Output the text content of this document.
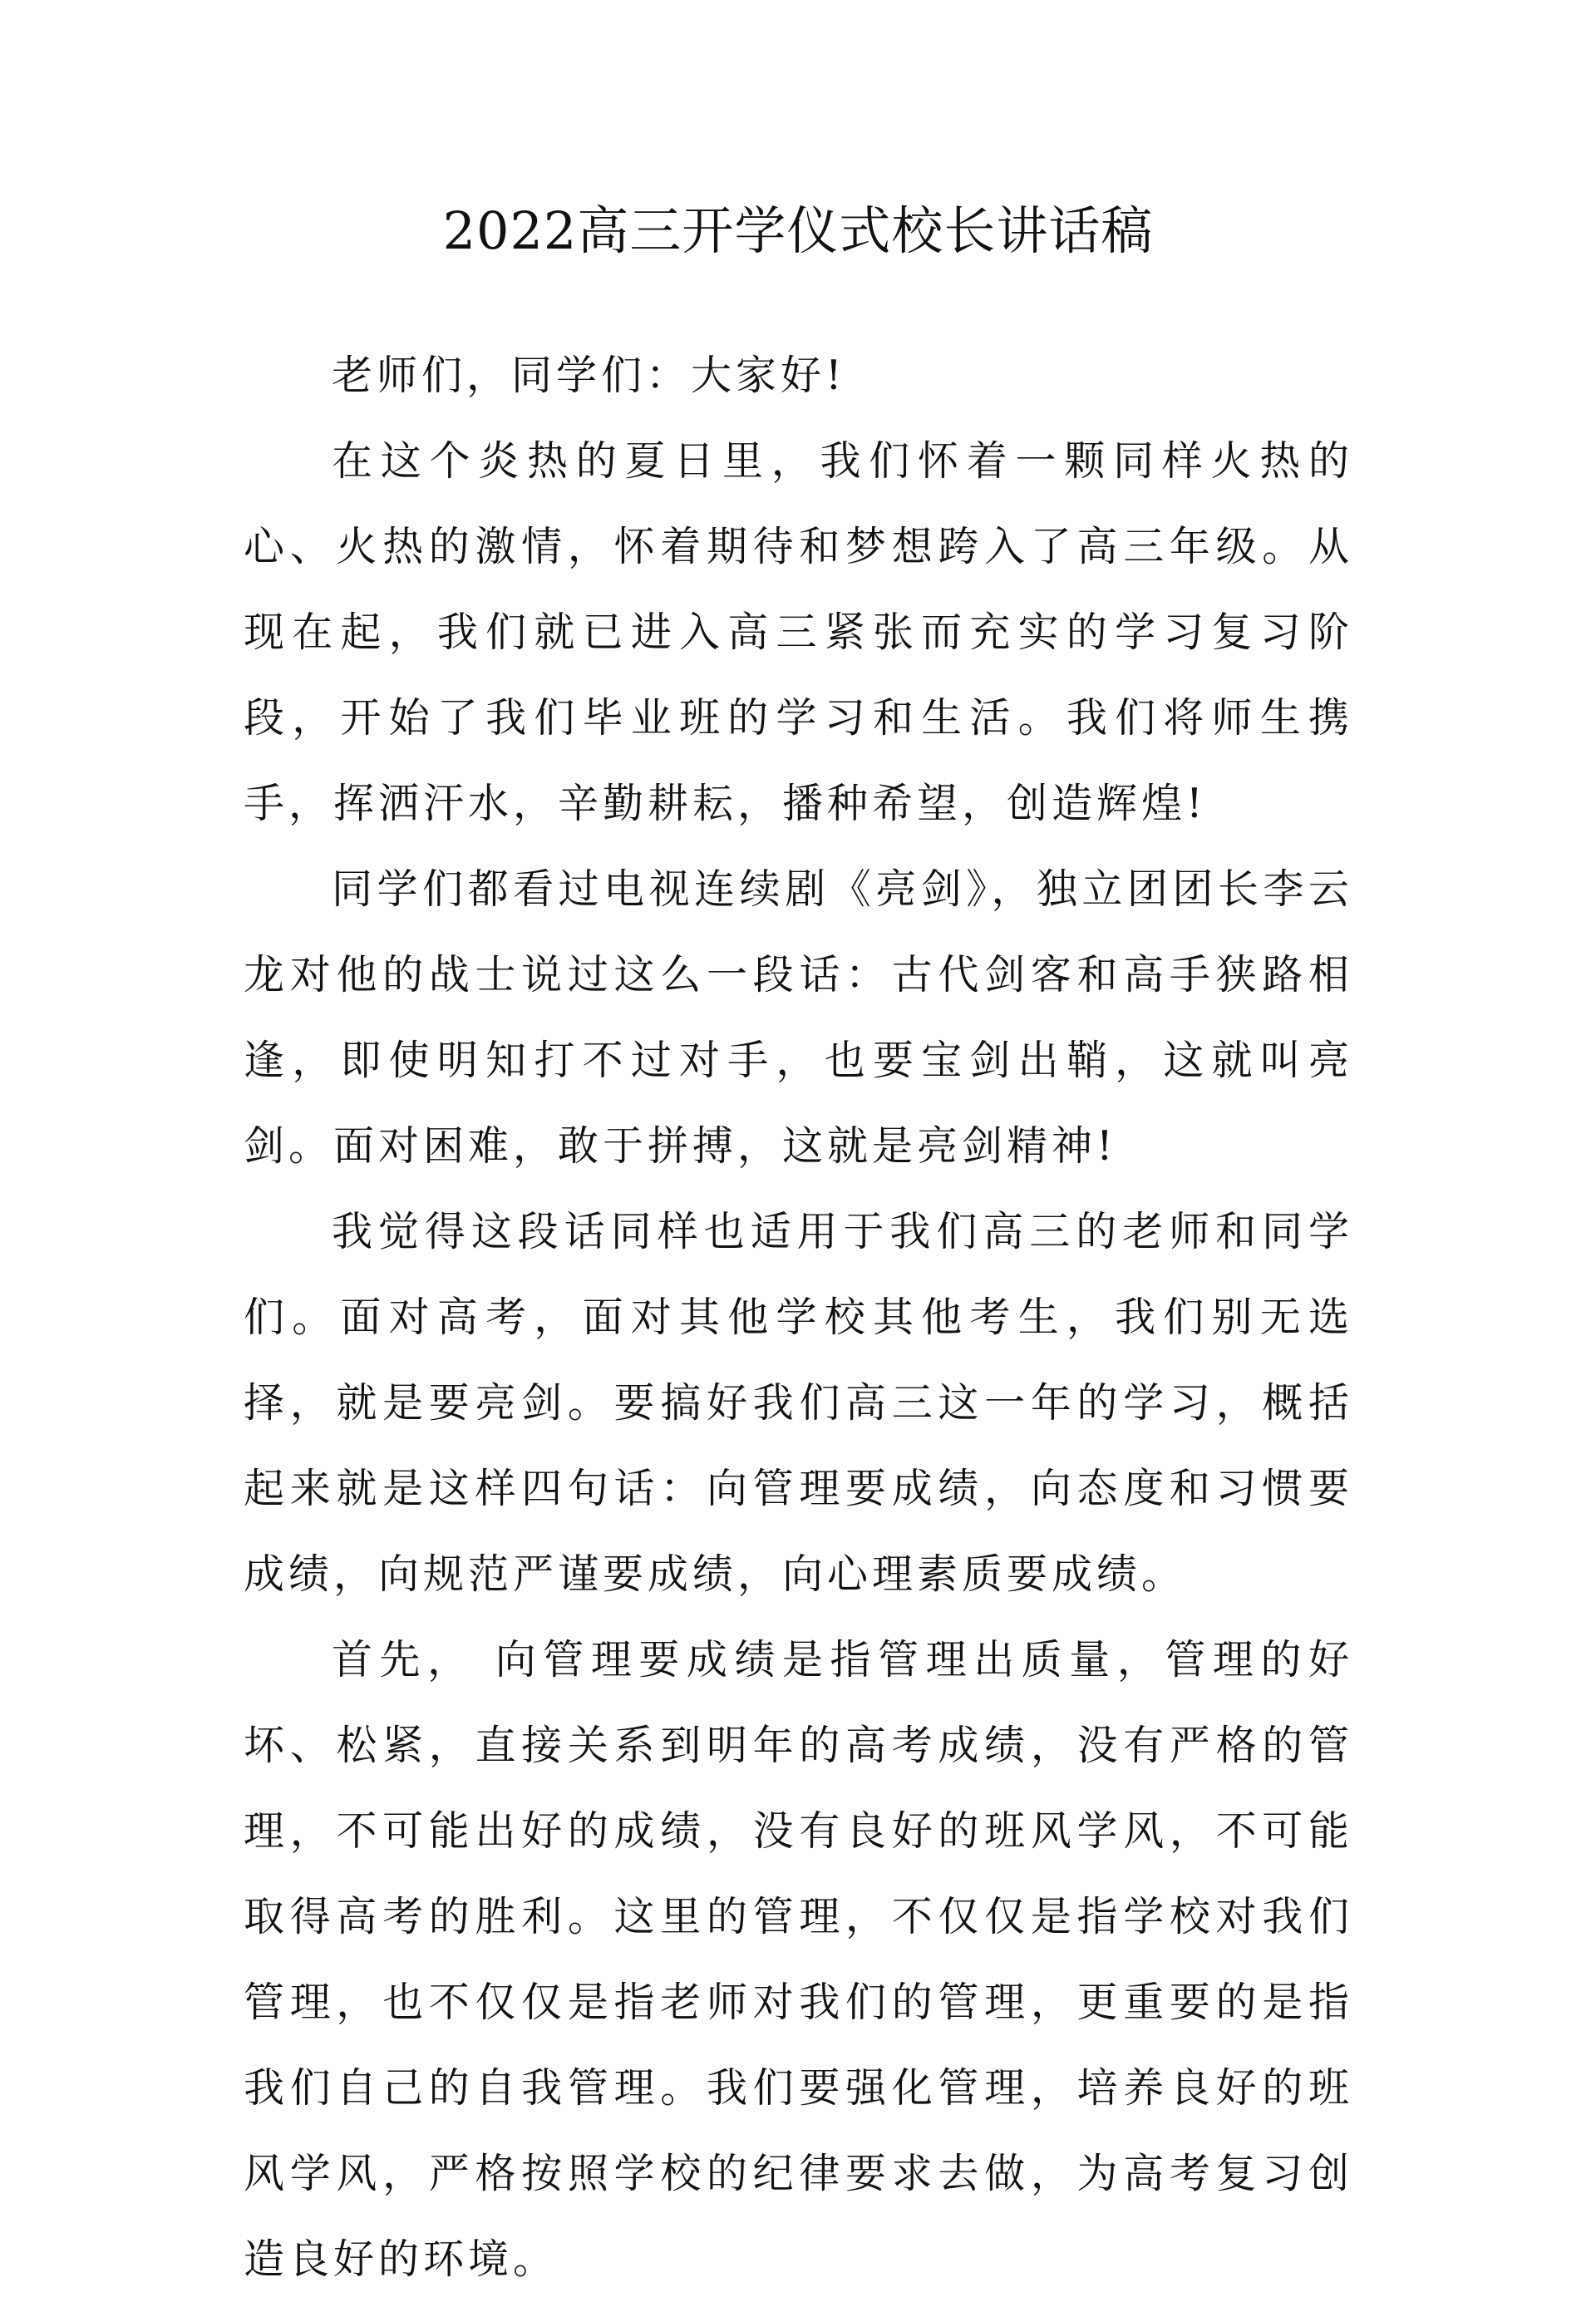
2022高三开学仪式校长讲话稿

老师们，同学们：大家好!

在这个炎热的夏日里，我们怀着一颗同样火热的心、火热的激情，怀着期待和梦想跨入了高三年级。从现在起，我们就已进入高三紧张而充实的学习复习阶段，开始了我们毕业班的学习和生活。我们将师生携手，挥洒汗水，辛勤耕耘，播种希望，创造辉煌!

同学们都看过电视连续剧《亮剑》，独立团团长李云龙对他的战士说过这么一段话：古代剑客和高手狭路相逢，即使明知打不过对手，也要宝剑出鞘，这就叫亮剑。面对困难，敢于拼搏，这就是亮剑精神!

我觉得这段话同样也适用于我们高三的老师和同学们。面对高考，面对其他学校其他考生，我们别无选择，就是要亮剑。要搞好我们高三这一年的学习，概括起来就是这样四句话：向管理要成绩，向态度和习惯要成绩，向规范严谨要成绩，向心理素质要成绩。

首先， 向管理要成绩是指管理出质量，管理的好坏、松紧，直接关系到明年的高考成绩，没有严格的管理，不可能出好的成绩，没有良好的班风学风，不可能取得高考的胜利。这里的管理，不仅仅是指学校对我们管理，也不仅仅是指老师对我们的管理，更重要的是指我们自己的自我管理。我们要强化管理，培养良好的班风学风，严格按照学校的纪律要求去做，为高考复习创造良好的环境。
